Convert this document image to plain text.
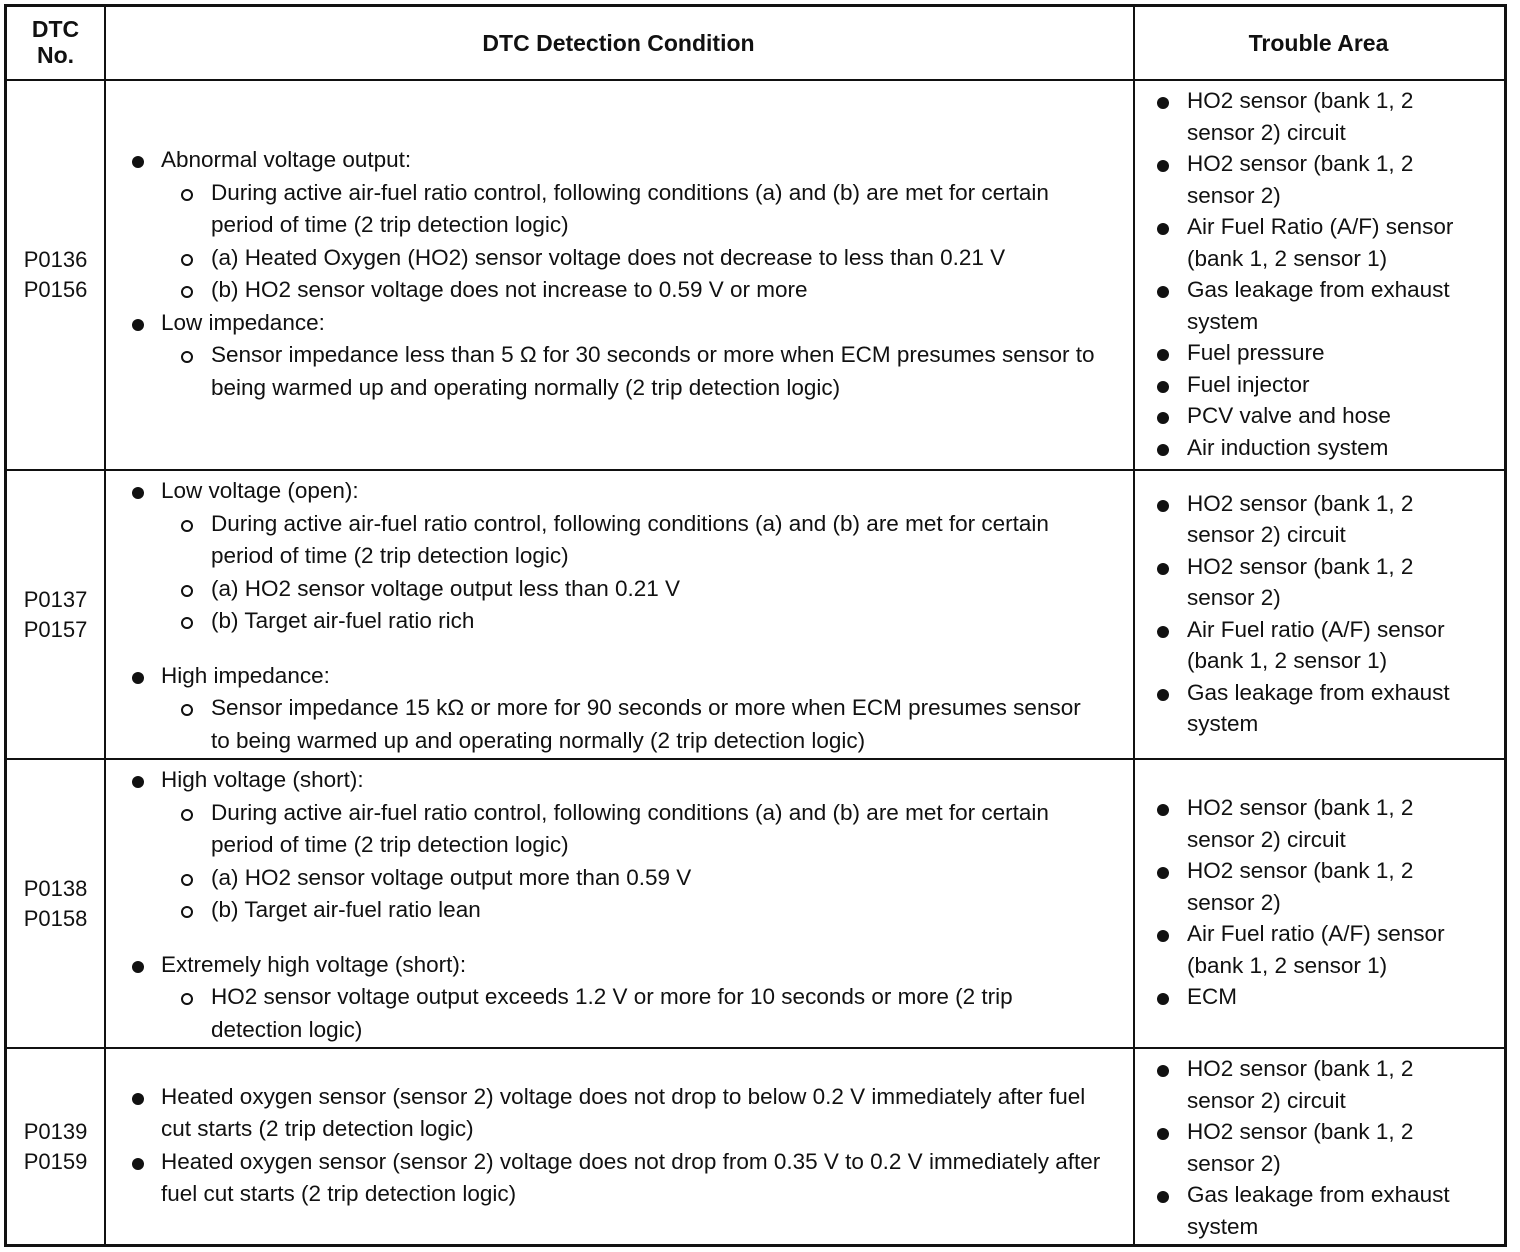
DTC No.	DTC Detection Condition	Trouble Area
P0136
P0156
Abnormal voltage output:
During active air-fuel ratio control, following conditions (a) and (b) are met for certain
period of time (2 trip detection logic)
(a) Heated Oxygen (HO2) sensor voltage does not decrease to less than 0.21 V
(b) HO2 sensor voltage does not increase to 0.59 V or more
Low impedance:
Sensor impedance less than 5 Ω for 30 seconds or more when ECM presumes sensor to
being warmed up and operating normally (2 trip detection logic)
HO2 sensor (bank 1, 2
sensor 2) circuit
HO2 sensor (bank 1, 2
sensor 2)
Air Fuel Ratio (A/F) sensor
(bank 1, 2 sensor 1)
Gas leakage from exhaust
system
Fuel pressure
Fuel injector
PCV valve and hose
Air induction system
P0137
P0157
Low voltage (open):
During active air-fuel ratio control, following conditions (a) and (b) are met for certain
period of time (2 trip detection logic)
(a) HO2 sensor voltage output less than 0.21 V
(b) Target air-fuel ratio rich
High impedance:
Sensor impedance 15 kΩ or more for 90 seconds or more when ECM presumes sensor
to being warmed up and operating normally (2 trip detection logic)
HO2 sensor (bank 1, 2
sensor 2) circuit
HO2 sensor (bank 1, 2
sensor 2)
Air Fuel ratio (A/F) sensor
(bank 1, 2 sensor 1)
Gas leakage from exhaust
system
P0138
P0158
High voltage (short):
During active air-fuel ratio control, following conditions (a) and (b) are met for certain
period of time (2 trip detection logic)
(a) HO2 sensor voltage output more than 0.59 V
(b) Target air-fuel ratio lean
Extremely high voltage (short):
HO2 sensor voltage output exceeds 1.2 V or more for 10 seconds or more (2 trip
detection logic)
HO2 sensor (bank 1, 2
sensor 2) circuit
HO2 sensor (bank 1, 2
sensor 2)
Air Fuel ratio (A/F) sensor
(bank 1, 2 sensor 1)
ECM
P0139
P0159
Heated oxygen sensor (sensor 2) voltage does not drop to below 0.2 V immediately after fuel
cut starts (2 trip detection logic)
Heated oxygen sensor (sensor 2) voltage does not drop from 0.35 V to 0.2 V immediately after
fuel cut starts (2 trip detection logic)
HO2 sensor (bank 1, 2
sensor 2) circuit
HO2 sensor (bank 1, 2
sensor 2)
Gas leakage from exhaust
system
